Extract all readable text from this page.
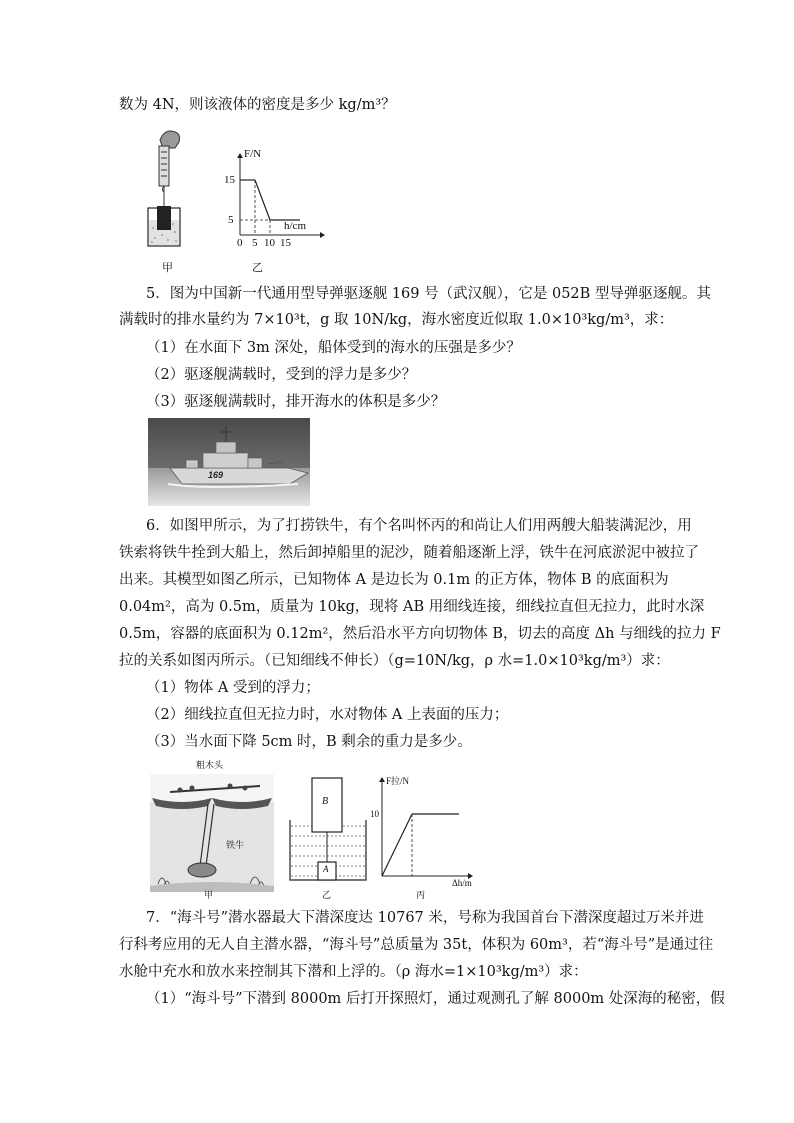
数为 4N，则该液体的密度是多少 kg/m³？
甲
F/N
h/cm
15
5
0 5 10 15
乙
5．图为中国新一代通用型导弹驱逐舰 169 号（武汉舰），它是 052B 型导弹驱逐舰。其
满载时的排水量约为 7×10³t，g 取 10N/kg，海水密度近似取 1.0×10³kg/m³，求：
（1）在水面下 3m 深处，船体受到的海水的压强是多少？
（2）驱逐舰满载时，受到的浮力是多少？
（3）驱逐舰满载时，排开海水的体积是多少？
169
6．如图甲所示，为了打捞铁牛，有个名叫怀丙的和尚让人们用两艘大船装满泥沙，用
铁索将铁牛拴到大船上，然后卸掉船里的泥沙，随着船逐渐上浮，铁牛在河底淤泥中被拉了
出来。其模型如图乙所示，已知物体 A 是边长为 0.1m 的正方体，物体 B 的底面积为
0.04m²，高为 0.5m，质量为 10kg，现将 AB 用细线连接，细线拉直但无拉力，此时水深
0.5m，容器的底面积为 0.12m²，然后沿水平方向切物体 B，切去的高度 Δh 与细线的拉力 F
拉的关系如图丙所示。（已知细线不伸长）（g=10N/kg，ρ 水=1.0×10³kg/m³）求：
（1）物体 A 受到的浮力；
（2）细线拉直但无拉力时，水对物体 A 上表面的压力；
（3）当水面下降 5cm 时，B 剩余的重力是多少。
粗木头
铁牛
甲
B
A
乙
F拉/N
10
Δh/m
丙
7．“海斗号”潜水器最大下潜深度达 10767 米，号称为我国首台下潜深度超过万米并进
行科考应用的无人自主潜水器，“海斗号”总质量为 35t，体积为 60m³，若“海斗号”是通过往
水舱中充水和放水来控制其下潜和上浮的。（ρ 海水=1×10³kg/m³）求：
（1）“海斗号”下潜到 8000m 后打开探照灯，通过观测孔了解 8000m 处深海的秘密，假
